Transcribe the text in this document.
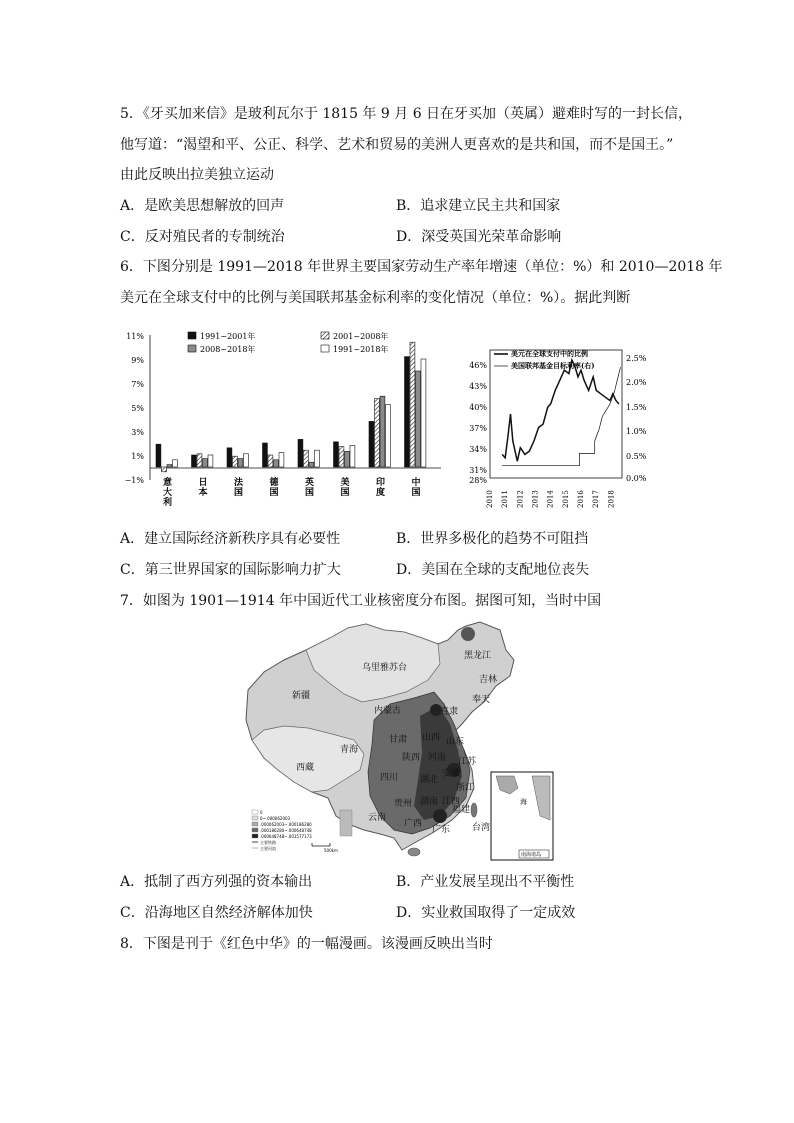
5．《牙买加来信》是玻利瓦尔于 1815 年 9 月 6 日在牙买加（英属）避难时写的一封长信，
他写道：“渴望和平、公正、科学、艺术和贸易的美洲人更喜欢的是共和国，而不是国王。”
由此反映出拉美独立运动
A．是欧美思想解放的回声	B．追求建立民主共和国家
C．反对殖民者的专制统治	D．深受英国光荣革命影响
6．下图分别是 1991—2018 年世界主要国家劳动生产率年增速（单位：%）和 2010—2018 年
美元在全球支付中的比例与美国联邦基金标利率的变化情况（单位：%）。据此判断
1991~2001年	2001~2008年
2008~2018年	1991~2018年
11%
9%
7%
5%
3%
1%
−1% 意
大
利
日
本
法
国
德
国
英
国
美
国
印
度
中
国
美元在全球支付中的比例
美国联邦基金目标利率(右)
46%
43%
40%
37%
34%
31%
28%
2.5%
2.0%
1.5%
1.0%
0.5%
0.0%
2010 2011 2012 2013 2014 2015 2016 2017 2018
A．建立国际经济新秩序具有必要性	B．世界多极化的趋势不可阻挡
C．第三世界国家的国际影响力扩大	D．美国在全球的支配地位丧失
7．如图为 1901—1914 年中国近代工业核密度分布图。据图可知，当时中国
黑龙江
吉林
奉天
乌里雅苏台
新疆
内蒙古	直隶
山西 山东
甘肃
青海
陕西 河南 江苏
安徽
西藏
四川 湖北
浙江
湖南 江西
贵州
福建
云南
广西
广东 台湾
0
0~.000062003
.000062003~.000186280
.000186280~.000648748
.000648748~.001577173
主要铁路
主要河流	500km
海
南海诸岛
A．抵制了西方列强的资本输出	B．产业发展呈现出不平衡性
C．沿海地区自然经济解体加快	D．实业救国取得了一定成效
8．下图是刊于《红色中华》的一幅漫画。该漫画反映出当时
